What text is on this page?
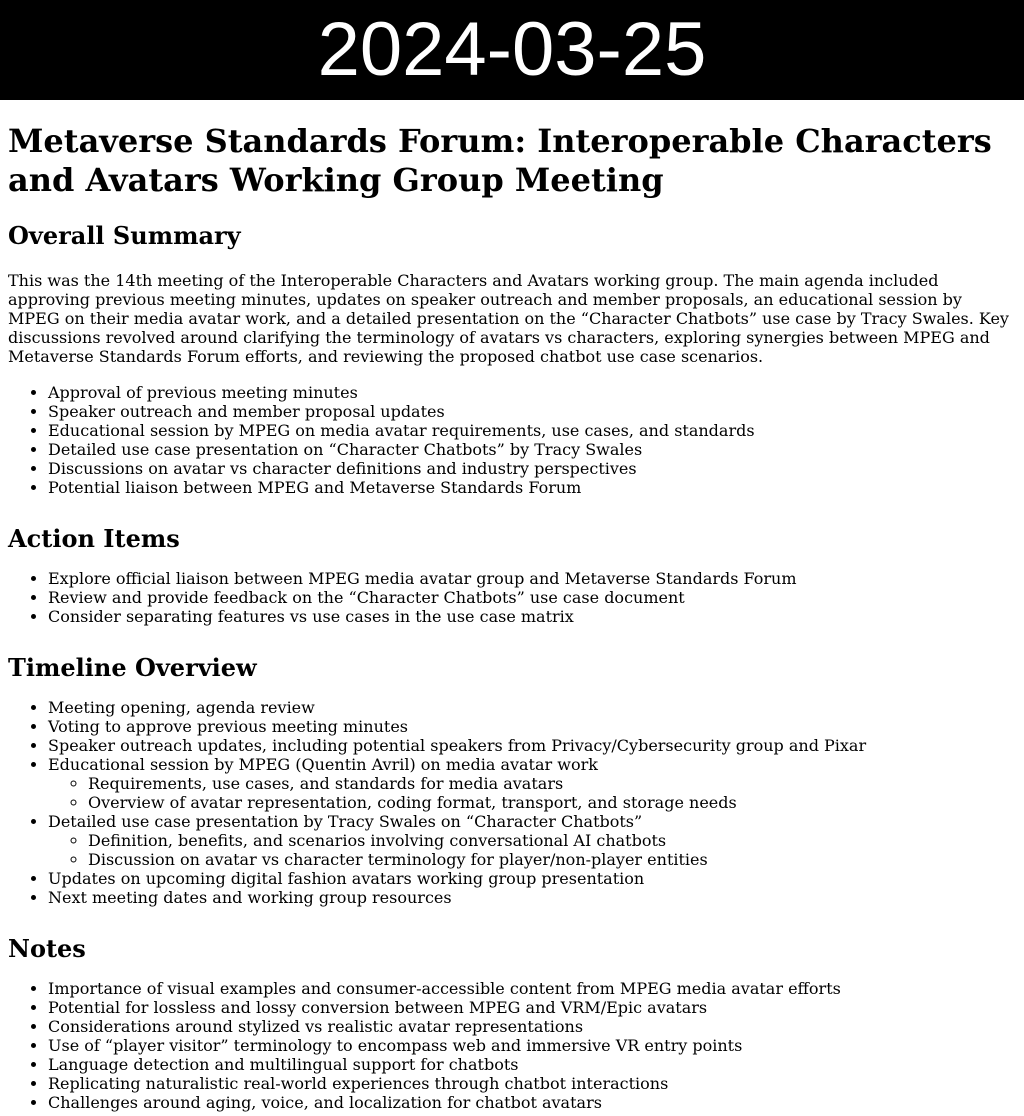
2024-03-25
Metaverse Standards Forum: Interoperable Characters and Avatars Working Group Meeting
Overall Summary

This was the 14th meeting of the Interoperable Characters and Avatars working group. The main agenda included approving previous meeting minutes, updates on speaker outreach and member proposals, an educational session by MPEG on their media avatar work, and a detailed presentation on the “Character Chatbots” use case by Tracy Swales. Key discussions revolved around clarifying the terminology of avatars vs characters, exploring synergies between MPEG and Metaverse Standards Forum efforts, and reviewing the proposed chatbot use case scenarios.

• Approval of previous meeting minutes
• Speaker outreach and member proposal updates
• Educational session by MPEG on media avatar requirements, use cases, and standards
• Detailed use case presentation on “Character Chatbots” by Tracy Swales
• Discussions on avatar vs character definitions and industry perspectives
• Potential liaison between MPEG and Metaverse Standards Forum
Action Items
• Explore official liaison between MPEG media avatar group and Metaverse Standards Forum
• Review and provide feedback on the “Character Chatbots” use case document
• Consider separating features vs use cases in the use case matrix
Timeline Overview
• Meeting opening, agenda review
• Voting to approve previous meeting minutes
• Speaker outreach updates, including potential speakers from Privacy/Cybersecurity group and Pixar
• Educational session by MPEG (Quentin Avril) on media avatar work
◦ Requirements, use cases, and standards for media avatars
◦ Overview of avatar representation, coding format, transport, and storage needs
• Detailed use case presentation by Tracy Swales on “Character Chatbots”
◦ Definition, benefits, and scenarios involving conversational AI chatbots
◦ Discussion on avatar vs character terminology for player/non-player entities
• Updates on upcoming digital fashion avatars working group presentation
• Next meeting dates and working group resources
Notes
• Importance of visual examples and consumer-accessible content from MPEG media avatar efforts
• Potential for lossless and lossy conversion between MPEG and VRM/Epic avatars
• Considerations around stylized vs realistic avatar representations
• Use of “player visitor” terminology to encompass web and immersive VR entry points
• Language detection and multilingual support for chatbots
• Replicating naturalistic real-world experiences through chatbot interactions
• Challenges around aging, voice, and localization for chatbot avatars
